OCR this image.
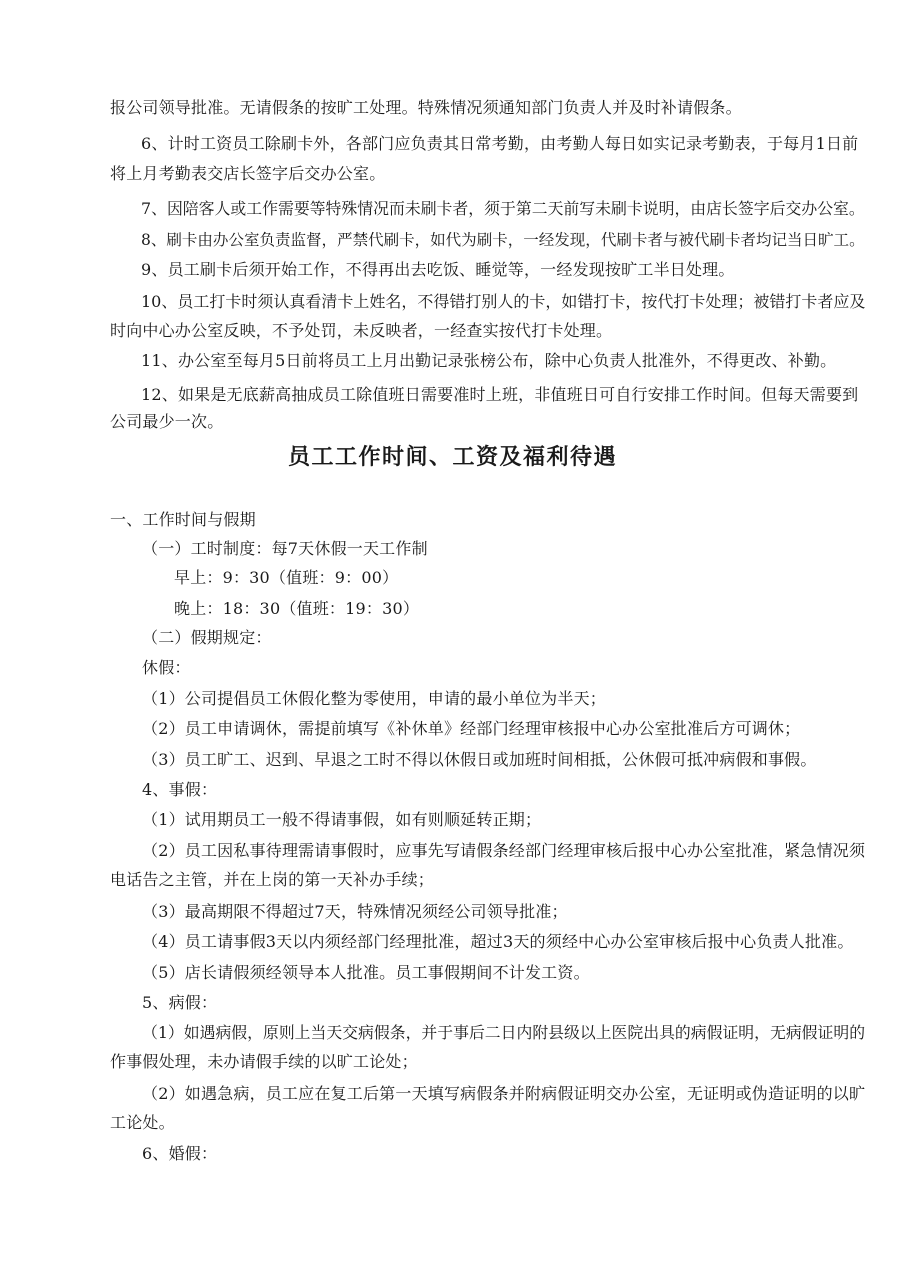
报公司领导批准。无请假条的按旷工处理。特殊情况须通知部门负责人并及时补请假条。
6、计时工资员工除刷卡外，各部门应负责其日常考勤，由考勤人每日如实记录考勤表，于每月1日前
将上月考勤表交店长签字后交办公室。
7、因陪客人或工作需要等特殊情况而未刷卡者，须于第二天前写未刷卡说明，由店长签字后交办公室。
8、刷卡由办公室负责监督，严禁代刷卡，如代为刷卡，一经发现，代刷卡者与被代刷卡者均记当日旷工。
9、员工刷卡后须开始工作，不得再出去吃饭、睡觉等，一经发现按旷工半日处理。
10、员工打卡时须认真看清卡上姓名，不得错打别人的卡，如错打卡，按代打卡处理；被错打卡者应及
时向中心办公室反映，不予处罚，未反映者，一经查实按代打卡处理。
11、办公室至每月5日前将员工上月出勤记录张榜公布，除中心负责人批准外，不得更改、补勤。
12、如果是无底薪高抽成员工除值班日需要准时上班，非值班日可自行安排工作时间。但每天需要到
公司最少一次。
员工工作时间、工资及福利待遇
一、工作时间与假期
（一）工时制度：每7天休假一天工作制
早上：9：30（值班：9：00）
晚上：18：30（值班：19：30）
（二）假期规定：
休假：
（1）公司提倡员工休假化整为零使用，申请的最小单位为半天；
（2）员工申请调休，需提前填写《补休单》经部门经理审核报中心办公室批准后方可调休；
（3）员工旷工、迟到、早退之工时不得以休假日或加班时间相抵，公休假可抵冲病假和事假。
4、事假：
（1）试用期员工一般不得请事假，如有则顺延转正期；
（2）员工因私事待理需请事假时，应事先写请假条经部门经理审核后报中心办公室批准，紧急情况须
电话告之主管，并在上岗的第一天补办手续；
（3）最高期限不得超过7天，特殊情况须经公司领导批准；
（4）员工请事假3天以内须经部门经理批准，超过3天的须经中心办公室审核后报中心负责人批准。
（5）店长请假须经领导本人批准。员工事假期间不计发工资。
5、病假：
（1）如遇病假，原则上当天交病假条，并于事后二日内附县级以上医院出具的病假证明，无病假证明的
作事假处理，未办请假手续的以旷工论处；
（2）如遇急病，员工应在复工后第一天填写病假条并附病假证明交办公室，无证明或伪造证明的以旷
工论处。
6、婚假：
